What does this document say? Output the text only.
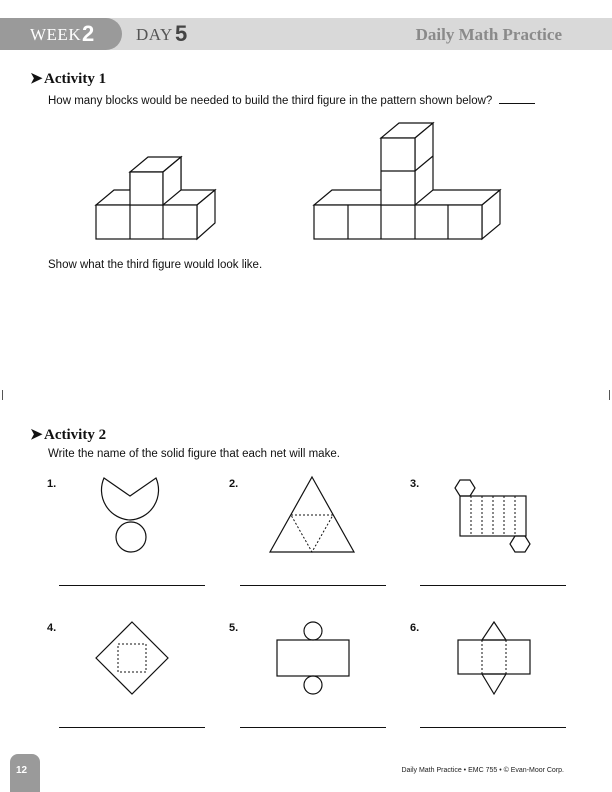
WEEK 2 DAY 5	Daily Math Practice
➤Activity 1
How many blocks would be needed to build the third figure in the pattern shown below?
Show what the third figure would look like.
➤Activity 2
Write the name of the solid figure that each net will make.
1.	2.	3.
4.	5.	6.
12	Daily Math Practice • EMC 755 • © Evan-Moor Corp.
